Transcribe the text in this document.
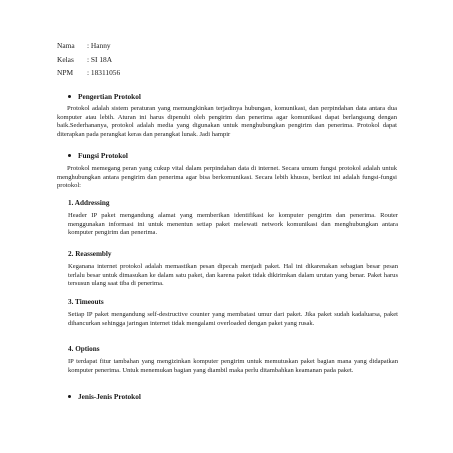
Nama	: Hanny
Kelas	: SI 18A
NPM	: 18311056
Pengertian Protokol
Protokol adalah sistem peraturan yang memungkinkan terjadinya hubungan, komunikasi, dan perpindahan data antara dua komputer atau lebih. Aturan ini harus dipenuhi oleh pengirim dan penerima agar komunikasi dapat berlangsung dengan baik.Sederhananya, protokol adalah media yang digunakan untuk menghubungkan pengirim dan penerima. Protokol dapat diterapkan pada perangkat keras dan perangkat lunak. Jadi hampir
Fungsi Protokol
Protokol memegang peran yang cukup vital dalam perpindahan data di internet. Secara umum fungsi protokol adalah untuk menghubungkan antara pengirim dan penerima agar bisa berkomunikasi. Secara lebih khusus, berikut ini adalah fungsi-fungsi protokol:
1. Addressing
Header IP paket mengandung alamat yang memberikan identifikasi ke komputer pengirim dan penerima. Router menggunakan informasi ini untuk menentun setiap paket melewati network komunikasi dan menghubungkan antara komputer pengirim dan penerima.
2. Reassembly
Keganana internet protokol adalah memastikan pesan dipecah menjadi paket. Hal ini dikarenakan sebagian besar pesan terlalu besar untuk dimasukan ke dalam satu paket, dan karena paket tidak dikirimkan dalam urutan yang benar. Paket harus tersusun ulang saat tiba di penerima.
3. Timeouts
Setiap IP paket mengandung self-destructive counter yang membatasi umur dari paket. Jika paket sudah kadaluarsa, paket dihancurkan sehingga jaringan internet tidak mengalami overloaded dengan paket yang rusak.
4. Options
IP terdapat fitur tambahan yang mengizinkan komputer pengirim untuk memutuskan paket bagian mana yang didapatkan komputer penerima. Untuk menemukan bagian yang diambil maka perlu ditambahkan keamanan pada paket.
Jenis-Jenis Protokol
